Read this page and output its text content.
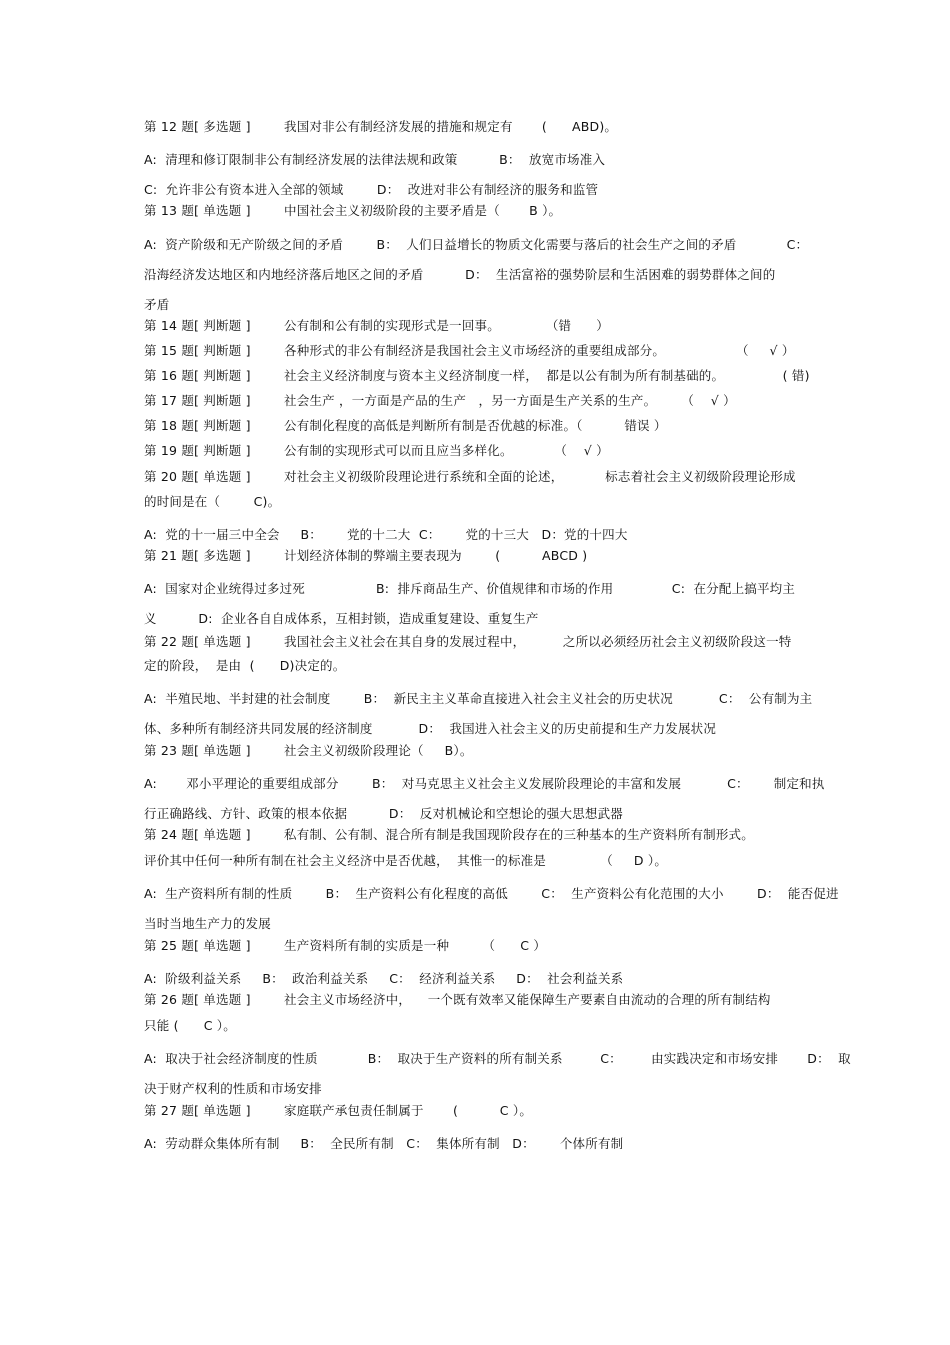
第 12 题[ 多选题 ]        我国对非公有制经济发展的措施和规定有       (      ABD)。
A:  清理和修订限制非公有制经济发展的法律法规和政策          B：  放宽市场准入
C:  允许非公有资本进入全部的领域        D：  改进对非公有制经济的服务和监管
第 13 题[ 单选题 ]        中国社会主义初级阶段的主要矛盾是（       B ）。
A:  资产阶级和无产阶级之间的矛盾        B：  人们日益增长的物质文化需要与落后的社会生产之间的矛盾            C：
沿海经济发达地区和内地经济落后地区之间的矛盾          D：  生活富裕的强势阶层和生活困难的弱势群体之间的
矛盾
第 14 题[ 判断题 ]        公有制和公有制的实现形式是一回事。           （错      ）
第 15 题[ 判断题 ]        各种形式的非公有制经济是我国社会主义市场经济的重要组成部分。                 （     √ ）
第 16 题[ 判断题 ]        社会主义经济制度与资本主义经济制度一样，  都是以公有制为所有制基础的。              ( 错)
第 17 题[ 判断题 ]        社会生产 ，一方面是产品的生产   ，另一方面是生产关系的生产。      （    √ ）
第 18 题[ 判断题 ]        公有制化程度的高低是判断所有制是否优越的标准。（          错误 ）
第 19 题[ 判断题 ]        公有制的实现形式可以而且应当多样化。          （    √ ）
第 20 题[ 单选题 ]        对社会主义初级阶段理论进行系统和全面的论述，          标志着社会主义初级阶段理论形成
的时间是在（        C)。
A:  党的十一届三中全会     B：      党的十二大  C：      党的十三大   D：党的十四大
第 21 题[ 多选题 ]        计划经济体制的弊端主要表现为        (          ABCD )
A:  国家对企业统得过多过死                 B:  排斥商品生产、价值规律和市场的作用              C:  在分配上搞平均主
义          D:  企业各自自成体系，互相封锁，造成重复建设、重复生产
第 22 题[ 单选题 ]        我国社会主义社会在其自身的发展过程中，         之所以必须经历社会主义初级阶段这一特
定的阶段，  是由  (      D)决定的。
A:  半殖民地、半封建的社会制度        B：  新民主主义革命直接进入社会主义社会的历史状况           C：  公有制为主
体、多种所有制经济共同发展的经济制度           D：  我国进入社会主义的历史前提和生产力发展状况
第 23 题[ 单选题 ]        社会主义初级阶段理论（     B）。
A:       邓小平理论的重要组成部分        B：  对马克思主义社会主义发展阶段理论的丰富和发展           C：      制定和执
行正确路线、方针、政策的根本依据          D：  反对机械论和空想论的强大思想武器
第 24 题[ 单选题 ]        私有制、公有制、混合所有制是我国现阶段存在的三种基本的生产资料所有制形式。
评价其中任何一种所有制在社会主义经济中是否优越，  其惟一的标准是             （     D ）。
A:  生产资料所有制的性质        B：  生产资料公有化程度的高低        C：  生产资料公有化范围的大小        D：  能否促进
当时当地生产力的发展
第 25 题[ 单选题 ]        生产资料所有制的实质是一种        （      C ）
A:  阶级利益关系     B：  政治利益关系     C：  经济利益关系     D：  社会利益关系
第 26 题[ 单选题 ]        社会主义市场经济中，    一个既有效率又能保障生产要素自由流动的合理的所有制结构
只能 (      C ）。
A:  取决于社会经济制度的性质            B：  取决于生产资料的所有制关系         C：       由实践决定和市场安排       D：  取
决于财产权利的性质和市场安排
第 27 题[ 单选题 ]        家庭联产承包责任制属于       (          C ）。
A:  劳动群众集体所有制     B：  全民所有制   C：  集体所有制   D：      个体所有制
